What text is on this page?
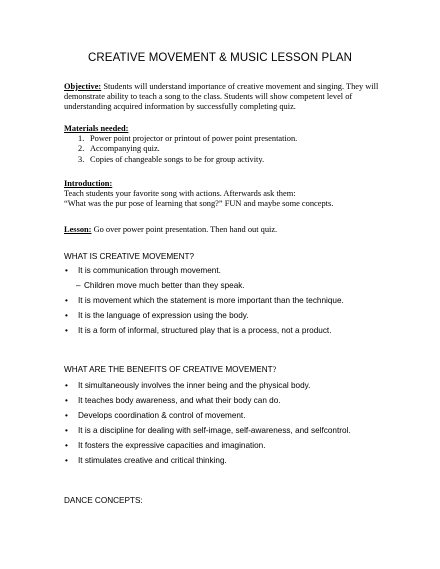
CREATIVE MOVEMENT & MUSIC LESSON PLAN
Objective: Students will understand importance of creative movement and singing. They will demonstrate ability to teach a song to the class. Students will show competent level of understanding acquired information by successfully completing quiz.
Materials needed:
1. Power point projector or printout of power point presentation.
2. Accompanying quiz.
3. Copies of changeable songs to be for group activity.
Introduction:
Teach students your favorite song with actions. Afterwards ask them:
“What was the pur pose of learning that song?” FUN and maybe some concepts.
Lesson: Go over power point presentation. Then hand out quiz.
WHAT IS CREATIVE MOVEMENT?
• It is communication through movement.
– Children move much better than they speak.
• It is movement which the statement is more important than the technique.
• It is the language of expression using the body.
• It is a form of informal, structured play that is a process, not a product.
WHAT ARE THE BENEFITS OF CREATIVE MOVEMENT?
• It simultaneously involves the inner being and the physical body.
• It teaches body awareness, and what their body can do.
• Develops coordination & control of movement.
• It is a discipline for dealing with self-image, self-awareness, and selfcontrol.
• It fosters the expressive capacities and imagination.
• It stimulates creative and critical thinking.
DANCE CONCEPTS:
